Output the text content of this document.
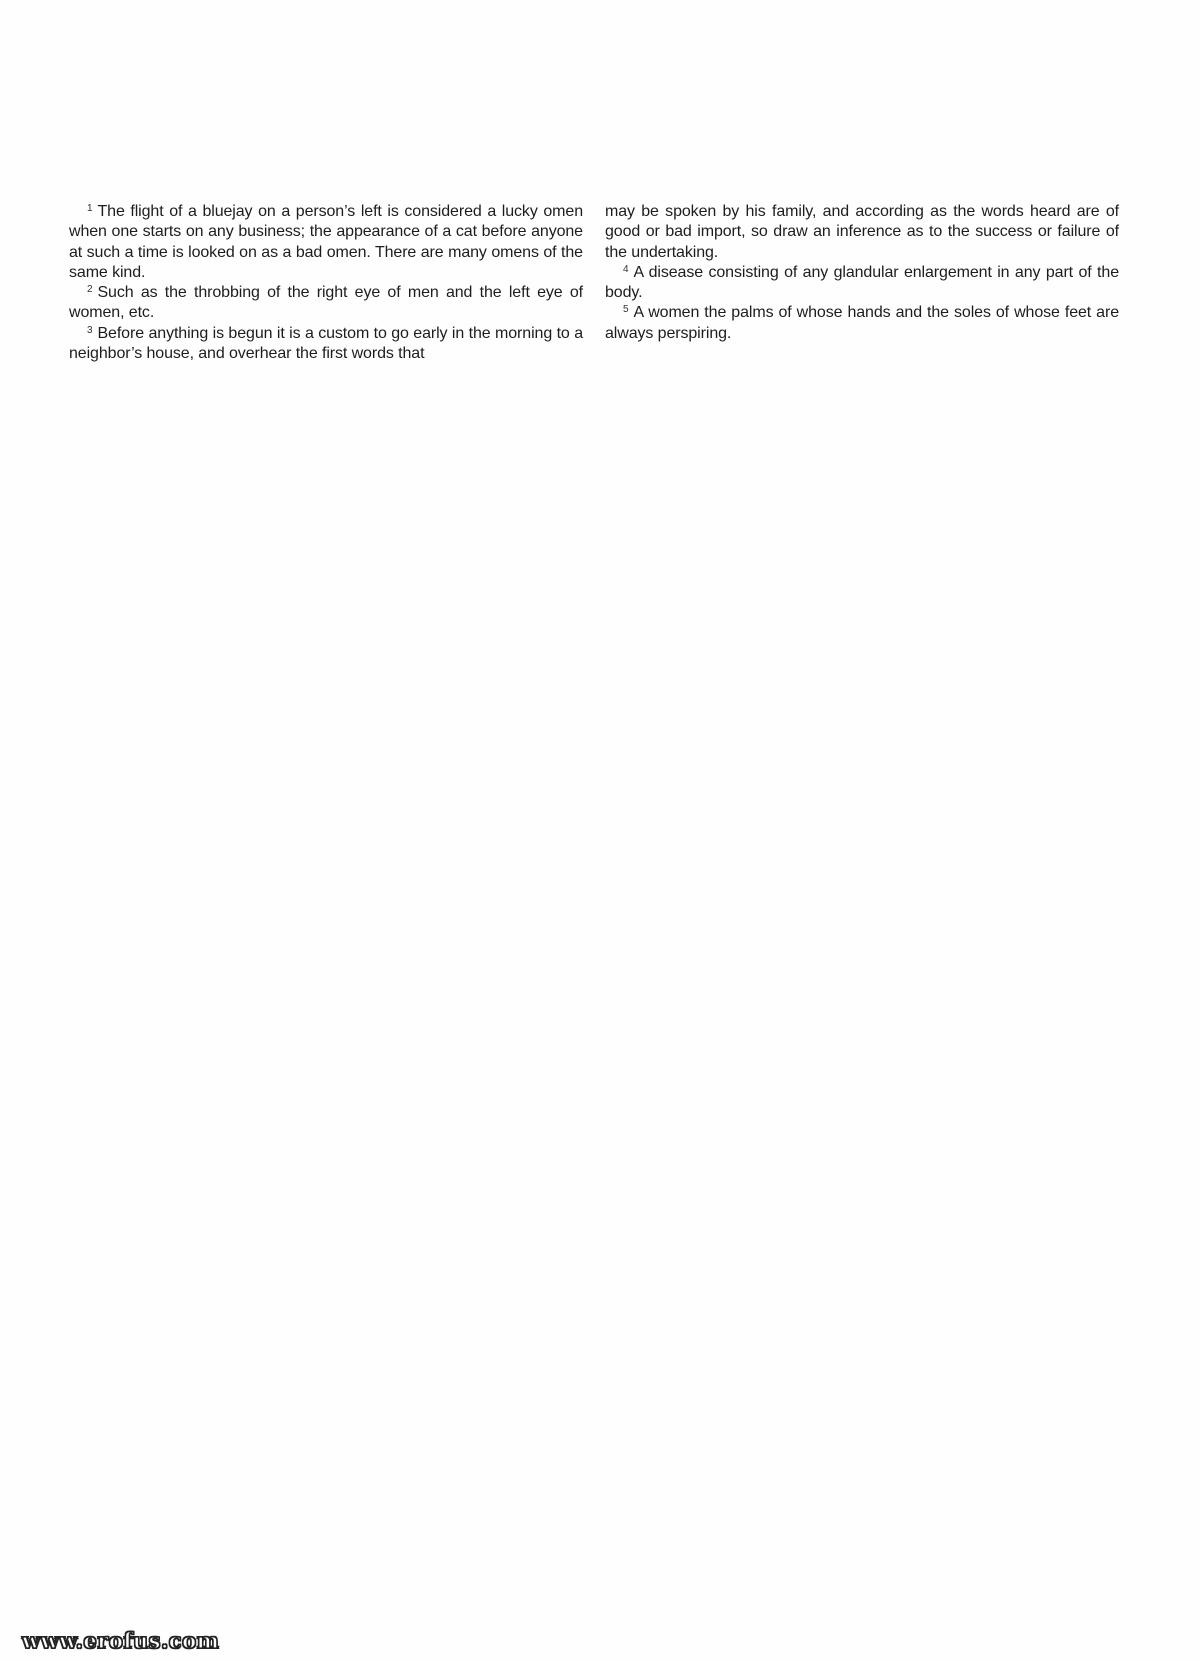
$^1$ The flight of a bluejay on a person’s left is considered a lucky omen when one starts on any business; the appearance of a cat before anyone at such a time is looked on as a bad omen. There are many omens of the same kind.

$^2$ Such as the throbbing of the right eye of men and the left eye of women, etc.

$^3$ Before anything is begun it is a custom to go early in the morning to a neighbor’s house, and overhear the first words that

may be spoken by his family, and according as the words heard are of good or bad import, so draw an inference as to the success or failure of the undertaking.

$^4$ A disease consisting of any glandular enlargement in any part of the body.

$^5$ A women the palms of whose hands and the soles of whose feet are always perspiring.

www.erofus.com
